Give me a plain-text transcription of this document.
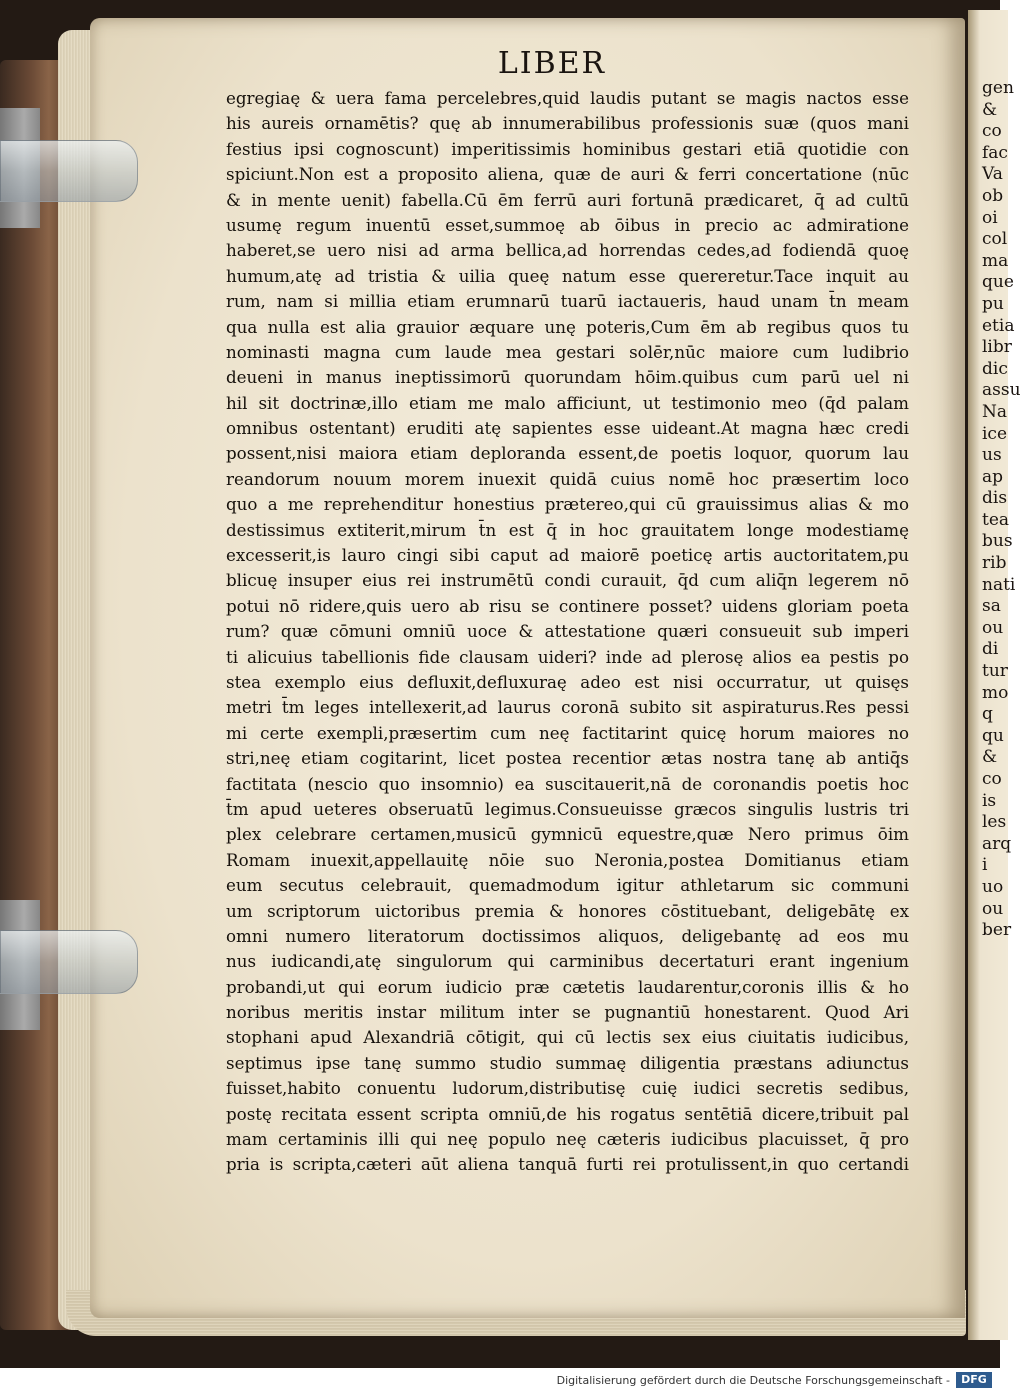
gen
&
co
fac
Va
ob
oi
col
ma
que
pu
etia
libr
dic
assu
Na
ice
us
ap
dis
tea
bus
rib
nati
sa
ou
di
tur
mo
q
qu
&
co
is
les
arq
i
uo
ou
ber
LIBER
egregiaę & uera fama percelebres,quid laudis putant se magis nactos esse
his aureis ornamētis? quę ab innumerabilibus professionis suæ (quos mani
festius ipsi cognoscunt) imperitissimis hominibus gestari etiā quotidie con
spiciunt.Non est a proposito aliena, quæ de auri & ferri concertatione (nūc
& in mente uenit) fabella.Cū ēm ferrū auri fortunā prædicaret, q̄ ad cultū
usumę regum inuentū esset,summoę ab ōibus in precio ac admiratione
haberet,se uero nisi ad arma bellica,ad horrendas cedes,ad fodiendā quoę
humum,atę ad tristia & uilia queę natum esse quereretur.Tace inquit au
rum, nam si millia etiam erumnarū tuarū iactaueris, haud unam t̄n meam
qua nulla est alia grauior æquare unę poteris,Cum ēm ab regibus quos tu
nominasti magna cum laude mea gestari solēr,nūc maiore cum ludibrio
deueni in manus ineptissimorū quorundam hōim.quibus cum parū uel ni
hil sit doctrinæ,illo etiam me malo afficiunt, ut testimonio meo (q̄d palam
omnibus ostentant) eruditi atę sapientes esse uideant.At magna hæc credi
possent,nisi maiora etiam deploranda essent,de poetis loquor, quorum lau
reandorum nouum morem inuexit quidā cuius nomē hoc præsertim loco
quo a me reprehenditur honestius prætereo,qui cū grauissimus alias & mo
destissimus extiterit,mirum t̄n est q̄ in hoc grauitatem longe modestiamę
excesserit,is lauro cingi sibi caput ad maiorē poeticę artis auctoritatem,pu
blicuę insuper eius rei instrumētū condi curauit, q̄d cum aliq̄n legerem nō
potui nō ridere,quis uero ab risu se continere posset? uidens gloriam poeta
rum? quæ cōmuni omniū uoce & attestatione quæri consueuit sub imperi
ti alicuius tabellionis fide clausam uideri? inde ad plerosę alios ea pestis po
stea exemplo eius defluxit,defluxuraę adeo est nisi occurratur, ut quisęs
metri t̄m leges intellexerit,ad laurus coronā subito sit aspiraturus.Res pessi
mi certe exempli,præsertim cum neę factitarint quicę horum maiores no
stri,neę etiam cogitarint, licet postea recentior ætas nostra tanę ab antiq̄s
factitata (nescio quo insomnio) ea suscitauerit,nā de coronandis poetis hoc
t̄m apud ueteres obseruatū legimus.Consueuisse græcos singulis lustris tri
plex celebrare certamen,musicū gymnicū equestre,quæ Nero primus ōim
Romam inuexit,appellauitę nōie suo Neronia,postea Domitianus etiam
eum secutus celebrauit, quemadmodum igitur athletarum sic communi
um scriptorum uictoribus premia & honores cōstituebant, deligebātę ex
omni numero literatorum doctissimos aliquos, deligebantę ad eos mu
nus iudicandi,atę singulorum qui carminibus decertaturi erant ingenium
probandi,ut qui eorum iudicio præ cætetis laudarentur,coronis illis & ho
noribus meritis instar militum inter se pugnantiū honestarent. Quod Ari
stophani apud Alexandriā cōtigit, qui cū lectis sex eius ciuitatis iudicibus,
septimus ipse tanę summo studio summaę diligentia præstans adiunctus
fuisset,habito conuentu ludorum,distributisę cuię iudici secretis sedibus,
postę recitata essent scripta omniū,de his rogatus sentētiā dicere,tribuit pal
mam certaminis illi qui neę populo neę cæteris iudicibus placuisset, q̄ pro
pria is scripta,cæteri aūt aliena tanquā furti rei protulissent,in quo certandi
Digitalisierung gefördert durch die Deutsche Forschungsgemeinschaft -	DFG
